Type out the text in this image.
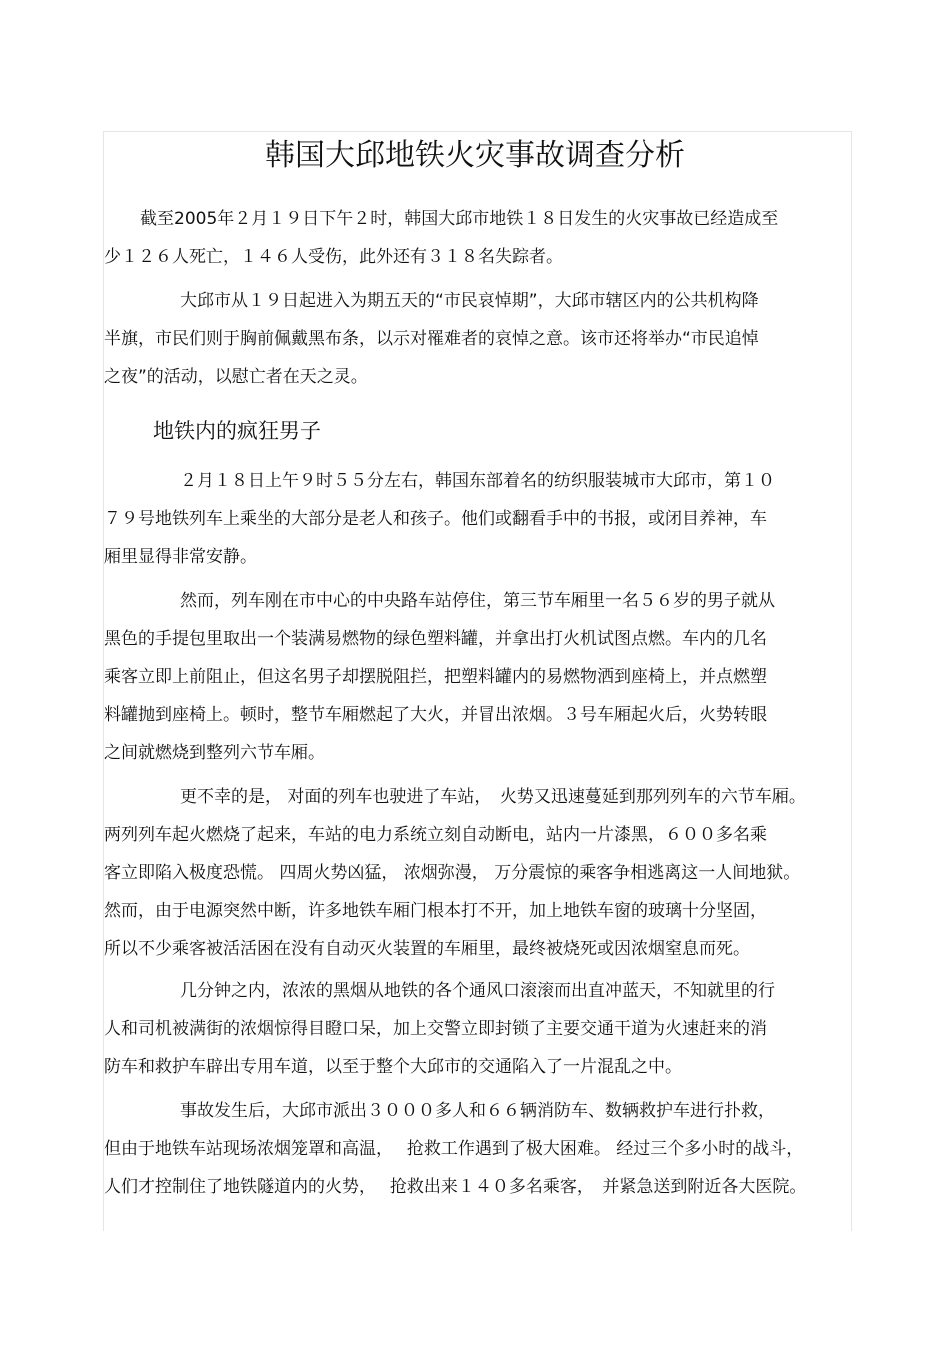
韩国大邱地铁火灾事故调查分析

截至2005年２月１９日下午２时，韩国大邱市地铁１８日发生的火灾事故已经造成至
少１２６人死亡，１４６人受伤，此外还有３１８名失踪者。

大邱市从１９日起进入为期五天的“市民哀悼期”，大邱市辖区内的公共机构降
半旗，市民们则于胸前佩戴黑布条，以示对罹难者的哀悼之意。该市还将举办“市民追悼
之夜”的活动，以慰亡者在天之灵。

地铁内的疯狂男子

２月１８日上午９时５５分左右，韩国东部着名的纺织服装城市大邱市，第１０
７９号地铁列车上乘坐的大部分是老人和孩子。他们或翻看手中的书报，或闭目养神，车
厢里显得非常安静。

然而，列车刚在市中心的中央路车站停住，第三节车厢里一名５６岁的男子就从
黑色的手提包里取出一个装满易燃物的绿色塑料罐，并拿出打火机试图点燃。车内的几名
乘客立即上前阻止，但这名男子却摆脱阻拦，把塑料罐内的易燃物洒到座椅上，并点燃塑
料罐抛到座椅上。顿时，整节车厢燃起了大火，并冒出浓烟。３号车厢起火后，火势转眼
之间就燃烧到整列六节车厢。

更不幸的是， 对面的列车也驶进了车站，　火势又迅速蔓延到那列列车的六节车厢。
两列列车起火燃烧了起来，车站的电力系统立刻自动断电，站内一片漆黑，６００多名乘
客立即陷入极度恐慌。 四周火势凶猛， 浓烟弥漫， 万分震惊的乘客争相逃离这一人间地狱。
然而，由于电源突然中断，许多地铁车厢门根本打不开，加上地铁车窗的玻璃十分坚固，
所以不少乘客被活活困在没有自动灭火装置的车厢里，最终被烧死或因浓烟窒息而死。

几分钟之内，浓浓的黑烟从地铁的各个通风口滚滚而出直冲蓝天，不知就里的行
人和司机被满街的浓烟惊得目瞪口呆，加上交警立即封锁了主要交通干道为火速赶来的消
防车和救护车辟出专用车道，以至于整个大邱市的交通陷入了一片混乱之中。

事故发生后，大邱市派出３０００多人和６６辆消防车、数辆救护车进行扑救，
但由于地铁车站现场浓烟笼罩和高温，　 抢救工作遇到了极大困难。 经过三个多小时的战斗，
人们才控制住了地铁隧道内的火势，　 抢救出来１４０多名乘客，　并紧急送到附近各大医院。
